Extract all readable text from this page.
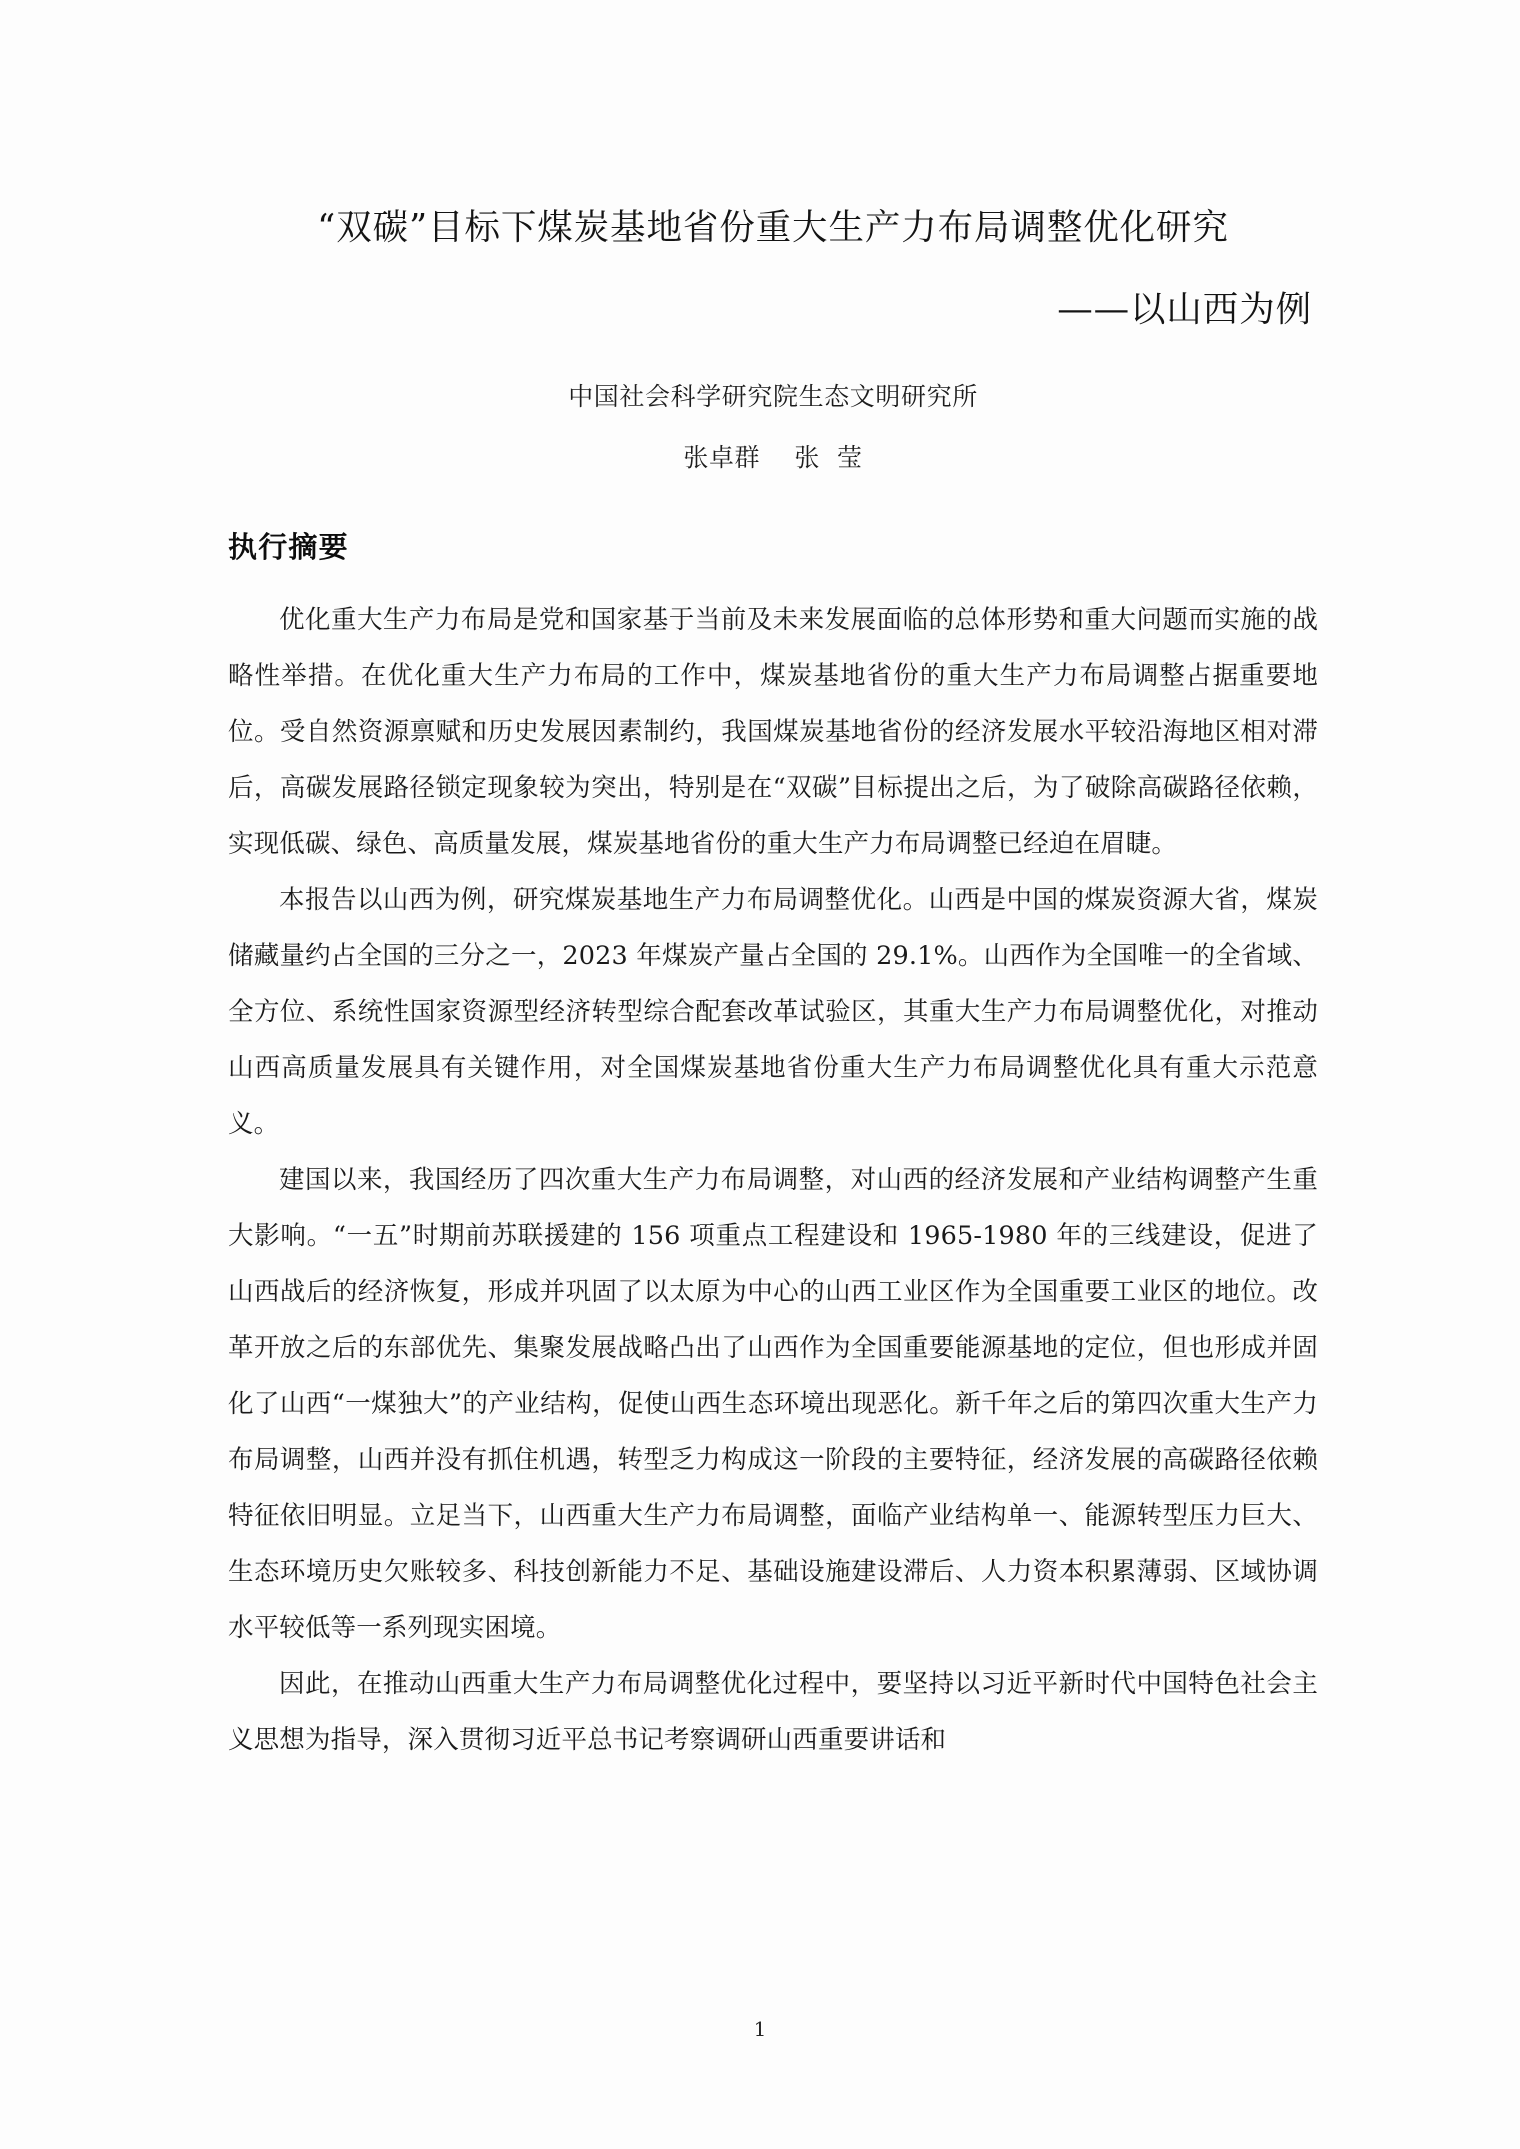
“双碳”目标下煤炭基地省份重大生产力布局调整优化研究
——以山西为例
中国社会科学研究院生态文明研究所
张卓群    张  莹
执行摘要

优化重大生产力布局是党和国家基于当前及未来发展面临的总体形势和重大问题而实施的战略性举措。在优化重大生产力布局的工作中，煤炭基地省份的重大生产力布局调整占据重要地位。受自然资源禀赋和历史发展因素制约，我国煤炭基地省份的经济发展水平较沿海地区相对滞后，高碳发展路径锁定现象较为突出，特别是在“双碳”目标提出之后，为了破除高碳路径依赖，实现低碳、绿色、高质量发展，煤炭基地省份的重大生产力布局调整已经迫在眉睫。

本报告以山西为例，研究煤炭基地生产力布局调整优化。山西是中国的煤炭资源大省，煤炭储藏量约占全国的三分之一，2023 年煤炭产量占全国的 29.1%。山西作为全国唯一的全省域、全方位、系统性国家资源型经济转型综合配套改革试验区，其重大生产力布局调整优化，对推动山西高质量发展具有关键作用，对全国煤炭基地省份重大生产力布局调整优化具有重大示范意义。

建国以来，我国经历了四次重大生产力布局调整，对山西的经济发展和产业结构调整产生重大影响。“一五”时期前苏联援建的 156 项重点工程建设和 1965-1980 年的三线建设，促进了山西战后的经济恢复，形成并巩固了以太原为中心的山西工业区作为全国重要工业区的地位。改革开放之后的东部优先、集聚发展战略凸出了山西作为全国重要能源基地的定位，但也形成并固化了山西“一煤独大”的产业结构，促使山西生态环境出现恶化。新千年之后的第四次重大生产力布局调整，山西并没有抓住机遇，转型乏力构成这一阶段的主要特征，经济发展的高碳路径依赖特征依旧明显。立足当下，山西重大生产力布局调整，面临产业结构单一、能源转型压力巨大、生态环境历史欠账较多、科技创新能力不足、基础设施建设滞后、人力资本积累薄弱、区域协调水平较低等一系列现实困境。

因此，在推动山西重大生产力布局调整优化过程中，要坚持以习近平新时代中国特色社会主义思想为指导，深入贯彻习近平总书记考察调研山西重要讲话和

1
